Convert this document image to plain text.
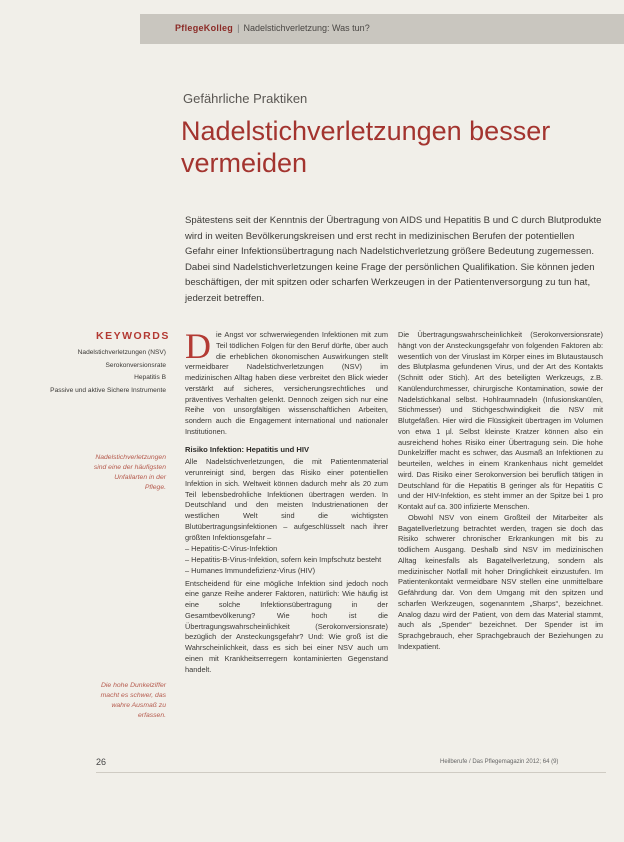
PflegeKolleg | Nadelstichverletzung: Was tun?
Gefährliche Praktiken
Nadelstichverletzungen besser vermeiden

Spätestens seit der Kenntnis der Übertragung von AIDS und Hepatitis B und C durch Blutprodukte wird in weiten Bevölkerungskreisen und erst recht in medizinischen Berufen der potentiellen Gefahr einer Infektionsübertragung nach Nadelstichverletzung größere Bedeutung zugemessen. Dabei sind Nadelstichverletzungen keine Frage der persönlichen Qualifikation. Sie können jeden beschäftigen, der mit spitzen oder scharfen Werkzeugen in der Patientenversorgung zu tun hat, jederzeit betreffen.

KEYWORDS
Nadelstichverletzungen (NSV)
Serokonversionsrate
Hepatitis B
Passive und aktive Sichere Instrumente
Nadelstichverletzungen sind eine der häufigsten Unfallarten in der Pflege.
Die hohe Dunkelziffer macht es schwer, das wahre Ausmaß zu erfassen.

Die Angst vor schwerwiegenden Infektionen mit zum Teil tödlichen Folgen für den Beruf dürfte, über auch die erheblichen ökonomischen Auswirkungen stellt vermeidbarer Nadelstichverletzungen (NSV) im medizinischen Alltag haben diese verbreitet den Blick wieder verstärkt auf sicheres, versicherungsrechtliches und präventives Verhalten gelenkt. Dennoch zeigen sich nur eine Reihe von unsorgfältigen wissenschaftlichen Arbeiten, sondern auch die Engagement international und nationaler Institutionen.

Risiko Infektion: Hepatitis und HIV

Alle Nadelstichverletzungen, die mit Patientenmaterial verunreinigt sind, bergen das Risiko einer potentiellen Infektion in sich. Weltweit können dadurch mehr als 20 zum Teil lebensbedrohliche Infektionen übertragen werden. In Deutschland und den meisten Industrienationen der westlichen Welt sind die wichtigsten Blutübertragungsinfektionen – aufgeschlüsselt nach ihrer größten Infektionsgefahr –

– Hepatitis-C-Virus-Infektion
– Hepatitis-B-Virus-Infektion, sofern kein Impfschutz besteht
– Humanes Immundefizienz-Virus (HIV)

Entscheidend für eine mögliche Infektion sind jedoch noch eine ganze Reihe anderer Faktoren, natürlich: Wie häufig ist eine solche Infektionsübertragung in der Gesamtbevölkerung? Wie hoch ist die Übertragungswahrscheinlichkeit (Serokonversionsrate) bezüglich der Ansteckungsgefahr? Und: Wie groß ist die Wahrscheinlichkeit, dass es sich bei einer NSV auch um einen mit Krankheitserregern kontaminierten Gegenstand handelt.

Die Übertragungswahrscheinlichkeit (Serokonversionsrate) hängt von der Ansteckungsgefahr von folgenden Faktoren ab: wesentlich von der Viruslast im Körper eines im Blutaustausch des Blutplasma gefundenen Virus, und der Art des Kontakts (Schnitt oder Stich). Art des beteiligten Werkzeugs, z.B. Kanülendurchmesser, chirurgische Kontamination, sowie der Nadelstichkanal selbst. Hohlraumnadeln (Infusionskanülen, Stichmesser) und Stichgeschwindigkeit die NSV mit Blutgefäßen. Hier wird die Flüssigkeit übertragen im Volumen von etwa 1 µl. Selbst kleinste Kratzer können also ein ausreichend hohes Risiko einer Übertragung sein. Die hohe Dunkelziffer macht es schwer, das Ausmaß an Infektionen zu beurteilen, welches in einem Krankenhaus nicht gemeldet wird. Das Risiko einer Serokonversion bei beruflich tätigen in Deutschland für die Hepatitis B geringer als für Hepatitis C und der HIV-Infektion, es steht immer an der Spitze bei 1 pro Kontakt auf ca. 300 infizierte Menschen.

Obwohl NSV von einem Großteil der Mitarbeiter als Bagatellverletzung betrachtet werden, tragen sie doch das Risiko schwerer chronischer Erkrankungen mit bis zu tödlichem Ausgang. Deshalb sind NSV im medizinischen Alltag keinesfalls als Bagatellverletzung, sondern als medizinischer Notfall mit hoher Dringlichkeit einzustufen. Im Patientenkontakt vermeidbare NSV stellen eine unmittelbare Gefährdung dar. Von dem Umgang mit den spitzen und scharfen Werkzeugen, sogenanntem „Sharps“, bezeichnet. Analog dazu wird der Patient, von dem das Material stammt, auch als „Spender“ bezeichnet. Der Spender ist im Sprachgebrauch, eher Sprachgebrauch der Beziehungen zu Indexpatient.

26	Heilberufe / Das Pflegemagazin 2012; 64 (9)
